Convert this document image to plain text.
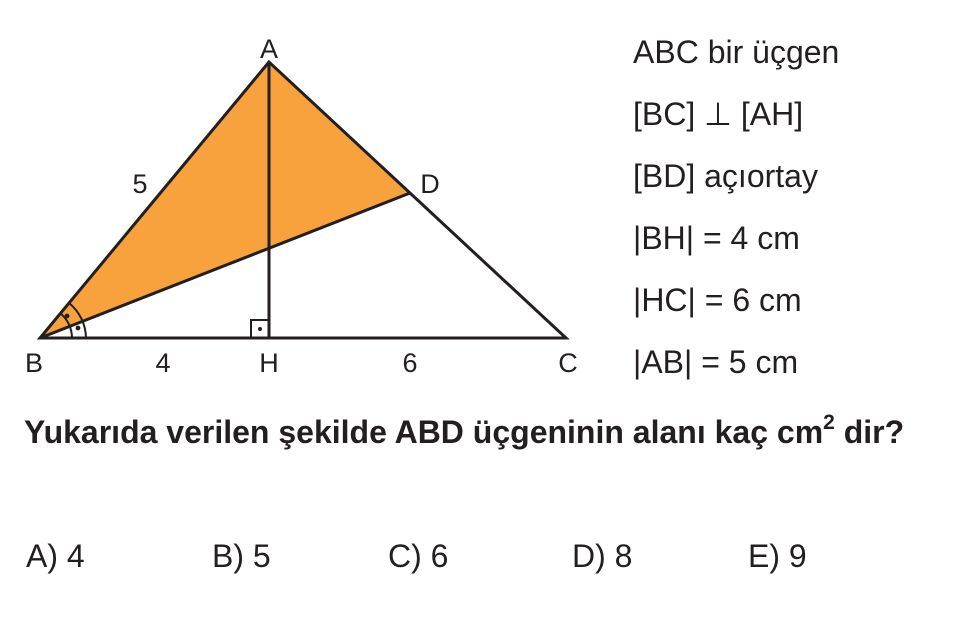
A
B	C
D
H
5
4	6
ABC bir üçgen
[BC] ⊥ [AH]
[BD] açıortay
|BH| = 4 cm
|HC| = 6 cm
|AB| = 5 cm
Yukarıda verilen şekilde ABD üçgeninin alanı kaç $cm^2$ dir?
A) 4	B) 5	C) 6	D) 8	E) 9
